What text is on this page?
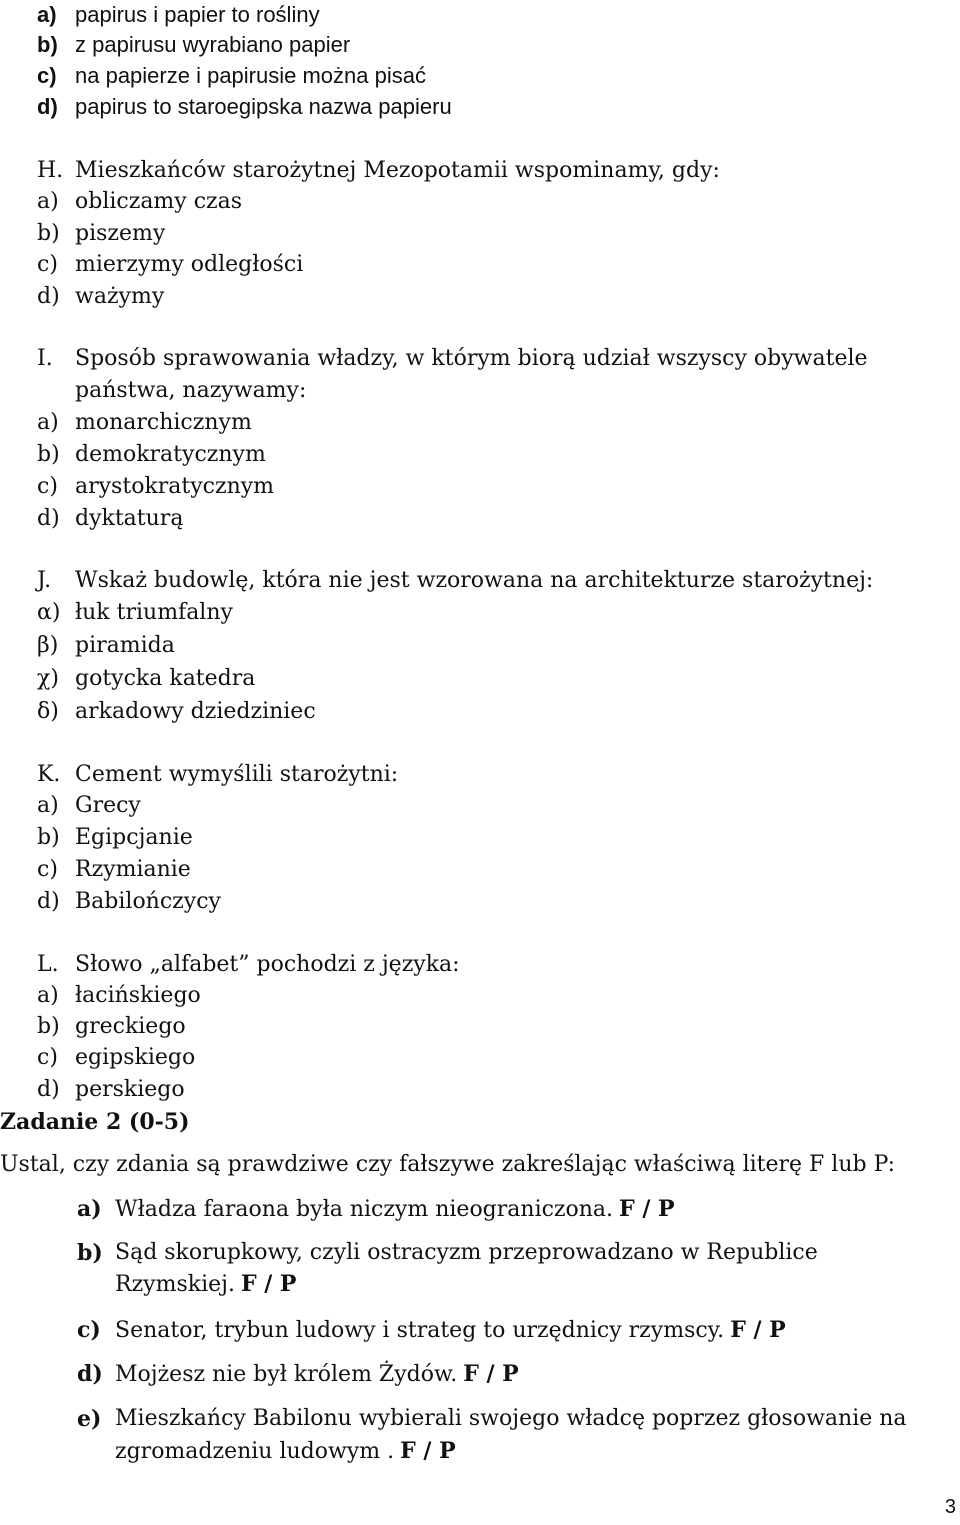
a) papirus i papier to rośliny
b) z papirusu wyrabiano papier
c) na papierze i papirusie można pisać
d) papirus to staroegipska nazwa papieru
H. Mieszkańców starożytnej Mezopotamii wspominamy, gdy:
a) obliczamy czas
b) piszemy
c) mierzymy odległości
d) ważymy
I. Sposób sprawowania władzy, w którym biorą udział wszyscy obywatele
państwa, nazywamy:
a) monarchicznym
b) demokratycznym
c) arystokratycznym
d) dyktaturą
J. Wskaż budowlę, która nie jest wzorowana na architekturze starożytnej:
α) łuk triumfalny
β) piramida
χ) gotycka katedra
δ) arkadowy dziedziniec
K. Cement wymyślili starożytni:
a) Grecy
b) Egipcjanie
c) Rzymianie
d) Babilończycy
L. Słowo „alfabet” pochodzi z języka:
a) łacińskiego
b) greckiego
c) egipskiego
d) perskiego
Zadanie 2 (0-5)
Ustal, czy zdania są prawdziwe czy fałszywe zakreślając właściwą literę F lub P:
a) Władza faraona była niczym nieograniczona. F / P
b) Sąd skorupkowy, czyli ostracyzm przeprowadzano w Republice
Rzymskiej. F / P
c) Senator, trybun ludowy i strateg to urzędnicy rzymscy. F / P
d) Mojżesz nie był królem Żydów. F / P
e) Mieszkańcy Babilonu wybierali swojego władcę poprzez głosowanie na
zgromadzeniu ludowym . F / P
3
